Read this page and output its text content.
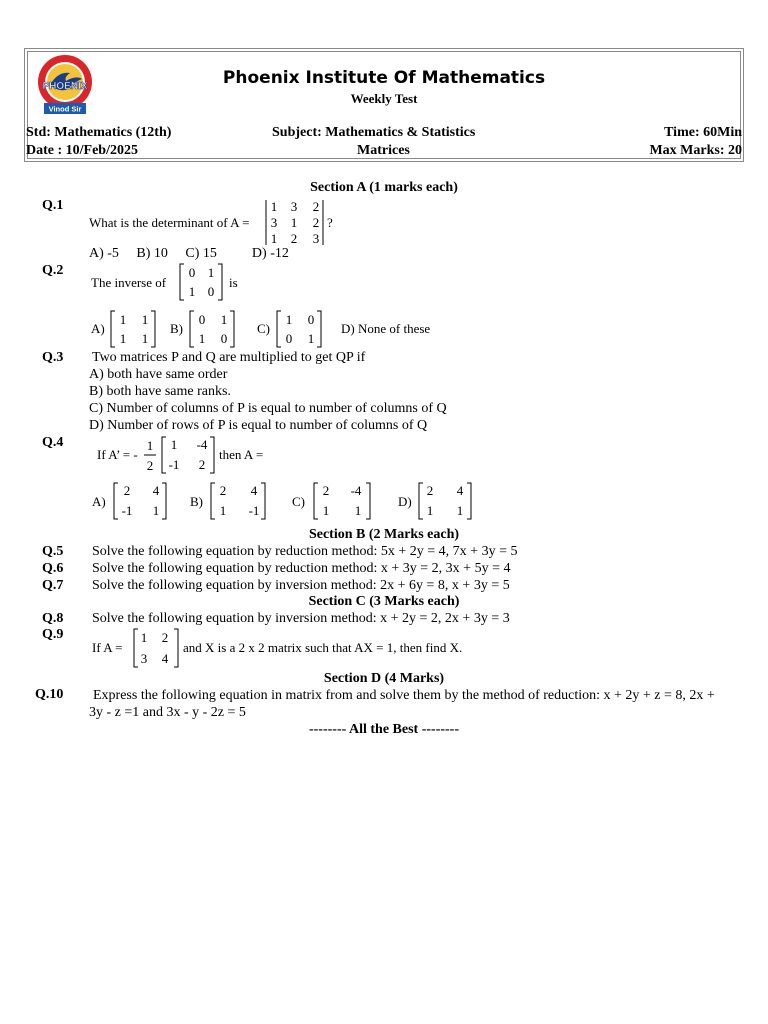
PHOENIX
Vinod Sir
Phoenix Institute Of Mathematics
Weekly Test
Std: Mathematics (12th)	Subject: Mathematics & Statistics	Time: 60Min
Date : 10/Feb/2025	Matrices	Max Marks: 20
Section A (1 marks each)
Q.1
What is the determinant of A =
1 3 2
3 1 2
1 2 3
?
A) -5     B) 10     C) 15          D) -12
Q.2
The inverse of
0 1
1 0
is
A)
1 1
1 1
B)
0 1
1 0
C)
1 0
0 1
D) None of these
Q.3 Two matrices P and Q are multiplied to get QP if
A) both have same order
B) both have same ranks.
C) Number of columns of P is equal to number of columns of Q
D) Number of rows of P is equal to number of columns of Q
Q.4
If A’ = -
1
2
1 -4
-1 2
then A =
A)
2 4
-1 1
B)
2 4
1 -1
C)
2 -4
1 1
D)
2 4
1 1
Section B (2 Marks each)
Q.5 Solve the following equation by reduction method: 5x + 2y = 4, 7x + 3y = 5
Q.6 Solve the following equation by reduction method: x + 3y = 2, 3x + 5y = 4
Q.7 Solve the following equation by inversion method: 2x + 6y = 8, x + 3y = 5
Section C (3 Marks each)
Q.8 Solve the following equation by inversion method: x + 2y = 2, 2x + 3y = 3
Q.9
If A =
1 2
3 4
and X is a 2 x 2 matrix such that AX = 1, then find X.
Section D (4 Marks)
Q.10 Express the following equation in matrix from and solve them by the method of reduction: x + 2y + z = 8, 2x + 3y - z =1 and 3x - y - 2z = 5
-------- All the Best --------
